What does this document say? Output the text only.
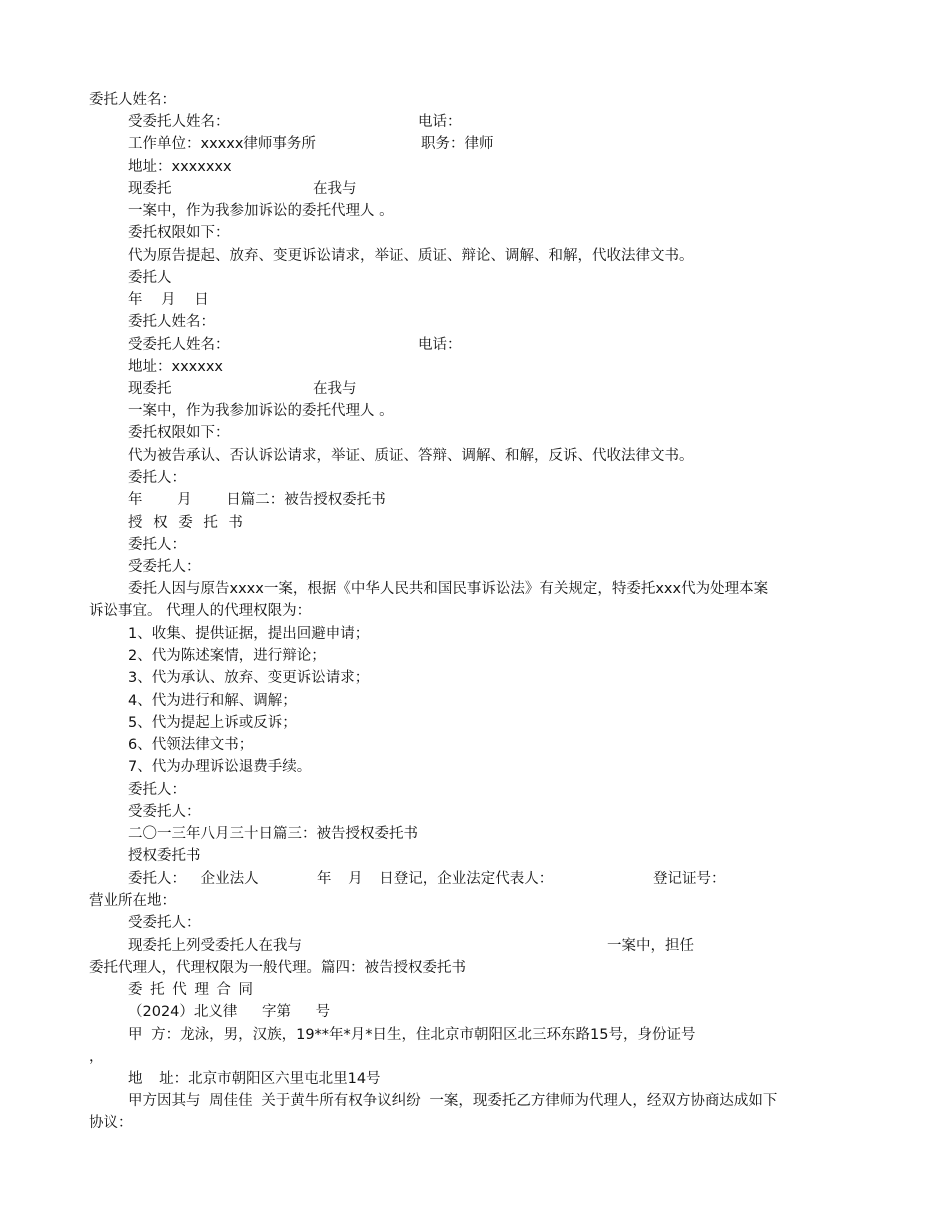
委托人姓名：
受委托人姓名：	电话：
工作单位：xxxxx律师事务所	职务：律师
地址：xxxxxxx
现委托	在我与
一案中，作为我参加诉讼的委托代理人 。
委托权限如下：
代为原告提起、放弃、变更诉讼请求，举证、质证、辩论、调解、和解，代收法律文书。
委托人
年 月 日
委托人姓名：
受委托人姓名：	电话：
地址：xxxxxx
现委托	在我与
一案中，作为我参加诉讼的委托代理人 。
委托权限如下：
代为被告承认、否认诉讼请求，举证、质证、答辩、调解、和解，反诉、代收法律文书。
委托人：
年 月 日篇二：被告授权委托书
授 权 委 托 书
委托人：
受委托人：
委托人因与原告xxxx一案，根据《中华人民共和国民事诉讼法》有关规定，特委托xxx代为处理本案
诉讼事宜。 代理人的代理权限为：
1、收集、提供证据，提出回避申请；
2、代为陈述案情，进行辩论；
3、代为承认、放弃、变更诉讼请求；
4、代为进行和解、调解；
5、代为提起上诉或反诉；
6、代领法律文书；
7、代为办理诉讼退费手续。
委托人：
受委托人：
二〇一三年八月三十日篇三：被告授权委托书
授权委托书
委托人： 企业法人	年 月 日登记，企业法定代表人：	登记证号：
营业所在地：
受委托人：
现委托上列受委托人在我与	一案中，担任
委托代理人，代理权限为一般代理。篇四：被告授权委托书
委 托 代 理 合 同
（2024）北义律 字第 号
甲 方：龙泳，男，汉族，19**年*月*日生，住北京市朝阳区北三环东路15号，身份证号
，
地 址：北京市朝阳区六里屯北里14号
甲方因其与 周佳佳 关于黄牛所有权争议纠纷 一案，现委托乙方律师为代理人，经双方协商达成如下
协议：
